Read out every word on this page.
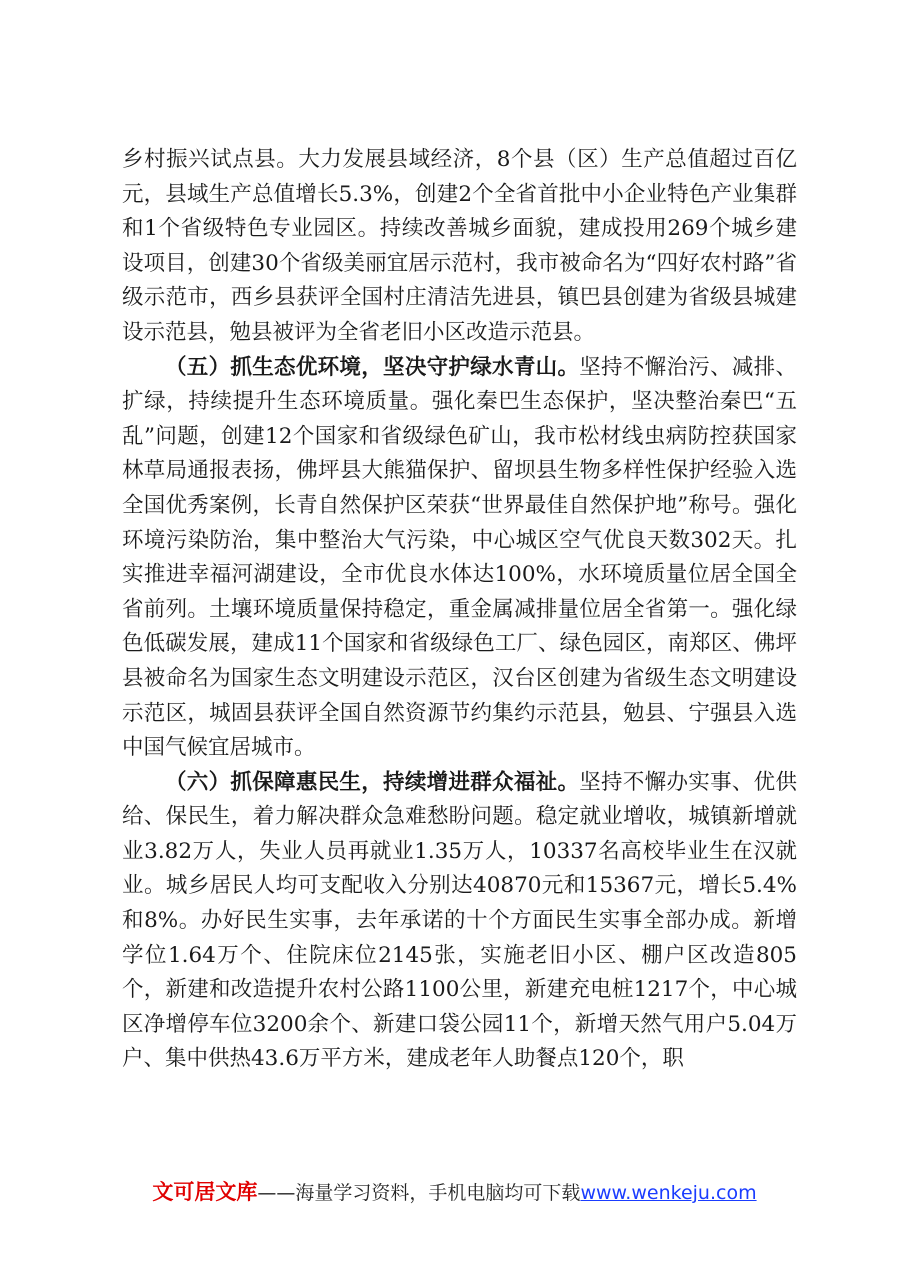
乡村振兴试点县。大力发展县域经济，8个县（区）生产总值超过百亿元，县域生产总值增长5.3%，创建2个全省首批中小企业特色产业集群和1个省级特色专业园区。持续改善城乡面貌，建成投用269个城乡建设项目，创建30个省级美丽宜居示范村，我市被命名为“四好农村路”省级示范市，西乡县获评全国村庄清洁先进县，镇巴县创建为省级县城建设示范县，勉县被评为全省老旧小区改造示范县。

（五）抓生态优环境，坚决守护绿水青山。坚持不懈治污、减排、扩绿，持续提升生态环境质量。强化秦巴生态保护，坚决整治秦巴“五乱”问题，创建12个国家和省级绿色矿山，我市松材线虫病防控获国家林草局通报表扬，佛坪县大熊猫保护、留坝县生物多样性保护经验入选全国优秀案例，长青自然保护区荣获“世界最佳自然保护地”称号。强化环境污染防治，集中整治大气污染，中心城区空气优良天数302天。扎实推进幸福河湖建设，全市优良水体达100%，水环境质量位居全国全省前列。土壤环境质量保持稳定，重金属减排量位居全省第一。强化绿色低碳发展，建成11个国家和省级绿色工厂、绿色园区，南郑区、佛坪县被命名为国家生态文明建设示范区，汉台区创建为省级生态文明建设示范区，城固县获评全国自然资源节约集约示范县，勉县、宁强县入选中国气候宜居城市。

（六）抓保障惠民生，持续增进群众福祉。坚持不懈办实事、优供给、保民生，着力解决群众急难愁盼问题。稳定就业增收，城镇新增就业3.82万人，失业人员再就业1.35万人，10337名高校毕业生在汉就业。城乡居民人均可支配收入分别达40870元和15367元，增长5.4%和8%。办好民生实事，去年承诺的十个方面民生实事全部办成。新增学位1.64万个、住院床位2145张，实施老旧小区、棚户区改造805个，新建和改造提升农村公路1100公里，新建充电桩1217个，中心城区净增停车位3200余个、新建口袋公园11个，新增天然气用户5.04万户、集中供热43.6万平方米，建成老年人助餐点120个，职

文可居文库——海量学习资料，手机电脑均可下载www.wenkeju.com
